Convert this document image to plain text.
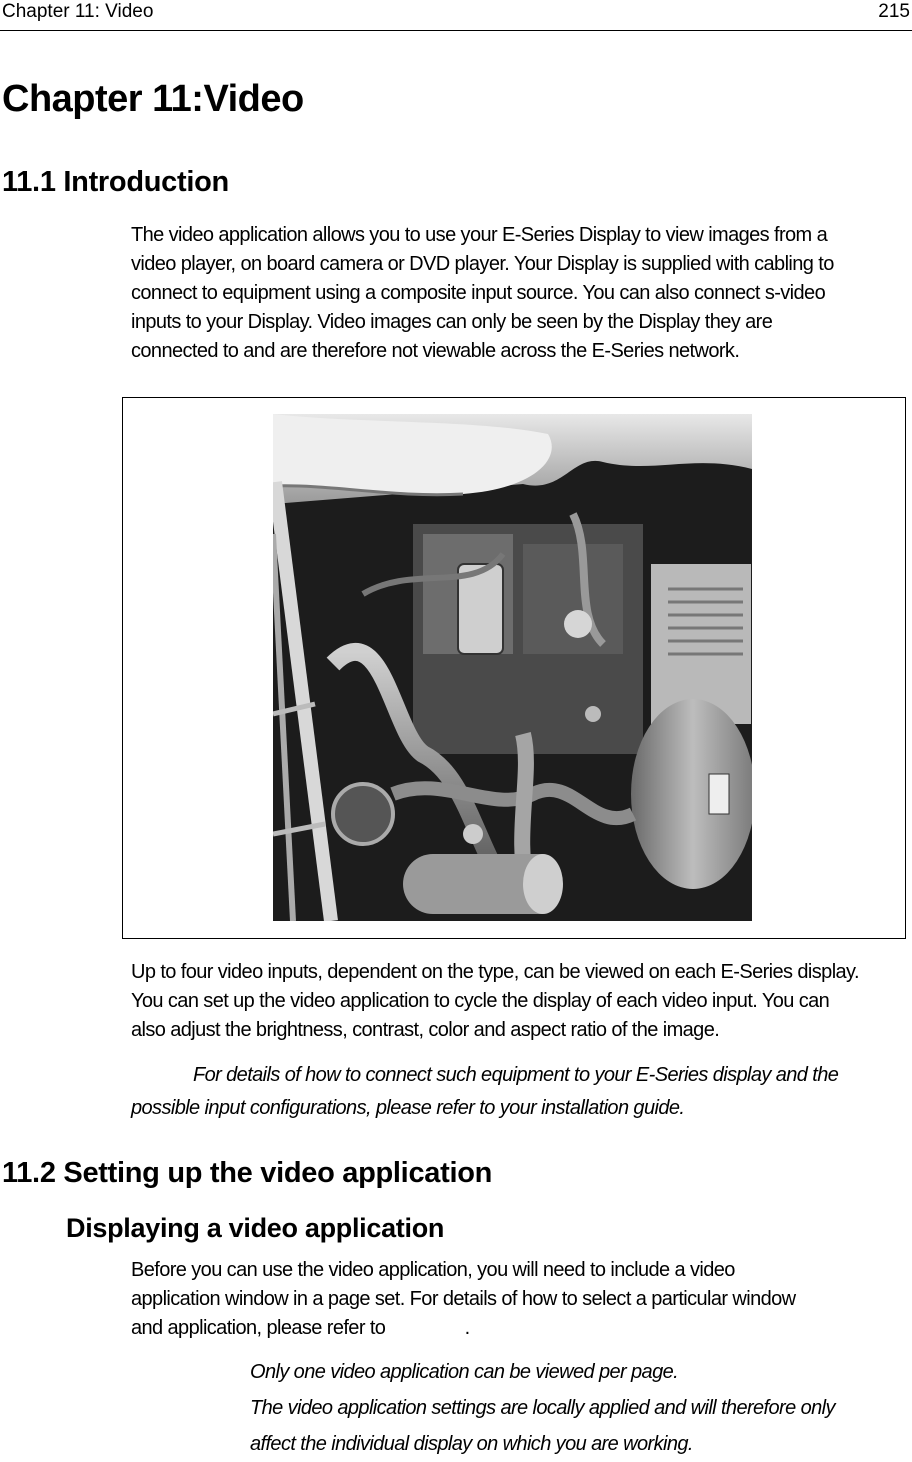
Chapter 11: Video	215
Chapter 11:Video
11.1 Introduction
The video application allows you to use your E-Series Display to view images from a
video player, on board camera or DVD player. Your Display is supplied with cabling to
connect to equipment using a composite input source. You can also connect s-video
inputs to your Display. Video images can only be seen by the Display they are
connected to and are therefore not viewable across the E-Series network.
Up to four video inputs, dependent on the type, can be viewed on each E-Series display.
You can set up the video application to cycle the display of each video input. You can
also adjust the brightness, contrast, color and aspect ratio of the image.
For details of how to connect such equipment to your E-Series display and the
possible input configurations, please refer to your installation guide.
11.2 Setting up the video application
Displaying a video application
Before you can use the video application, you will need to include a video
application window in a page set. For details of how to select a particular window
and application, please refer to                .
Only one video application can be viewed per page.
The video application settings are locally applied and will therefore only
affect the individual display on which you are working.
